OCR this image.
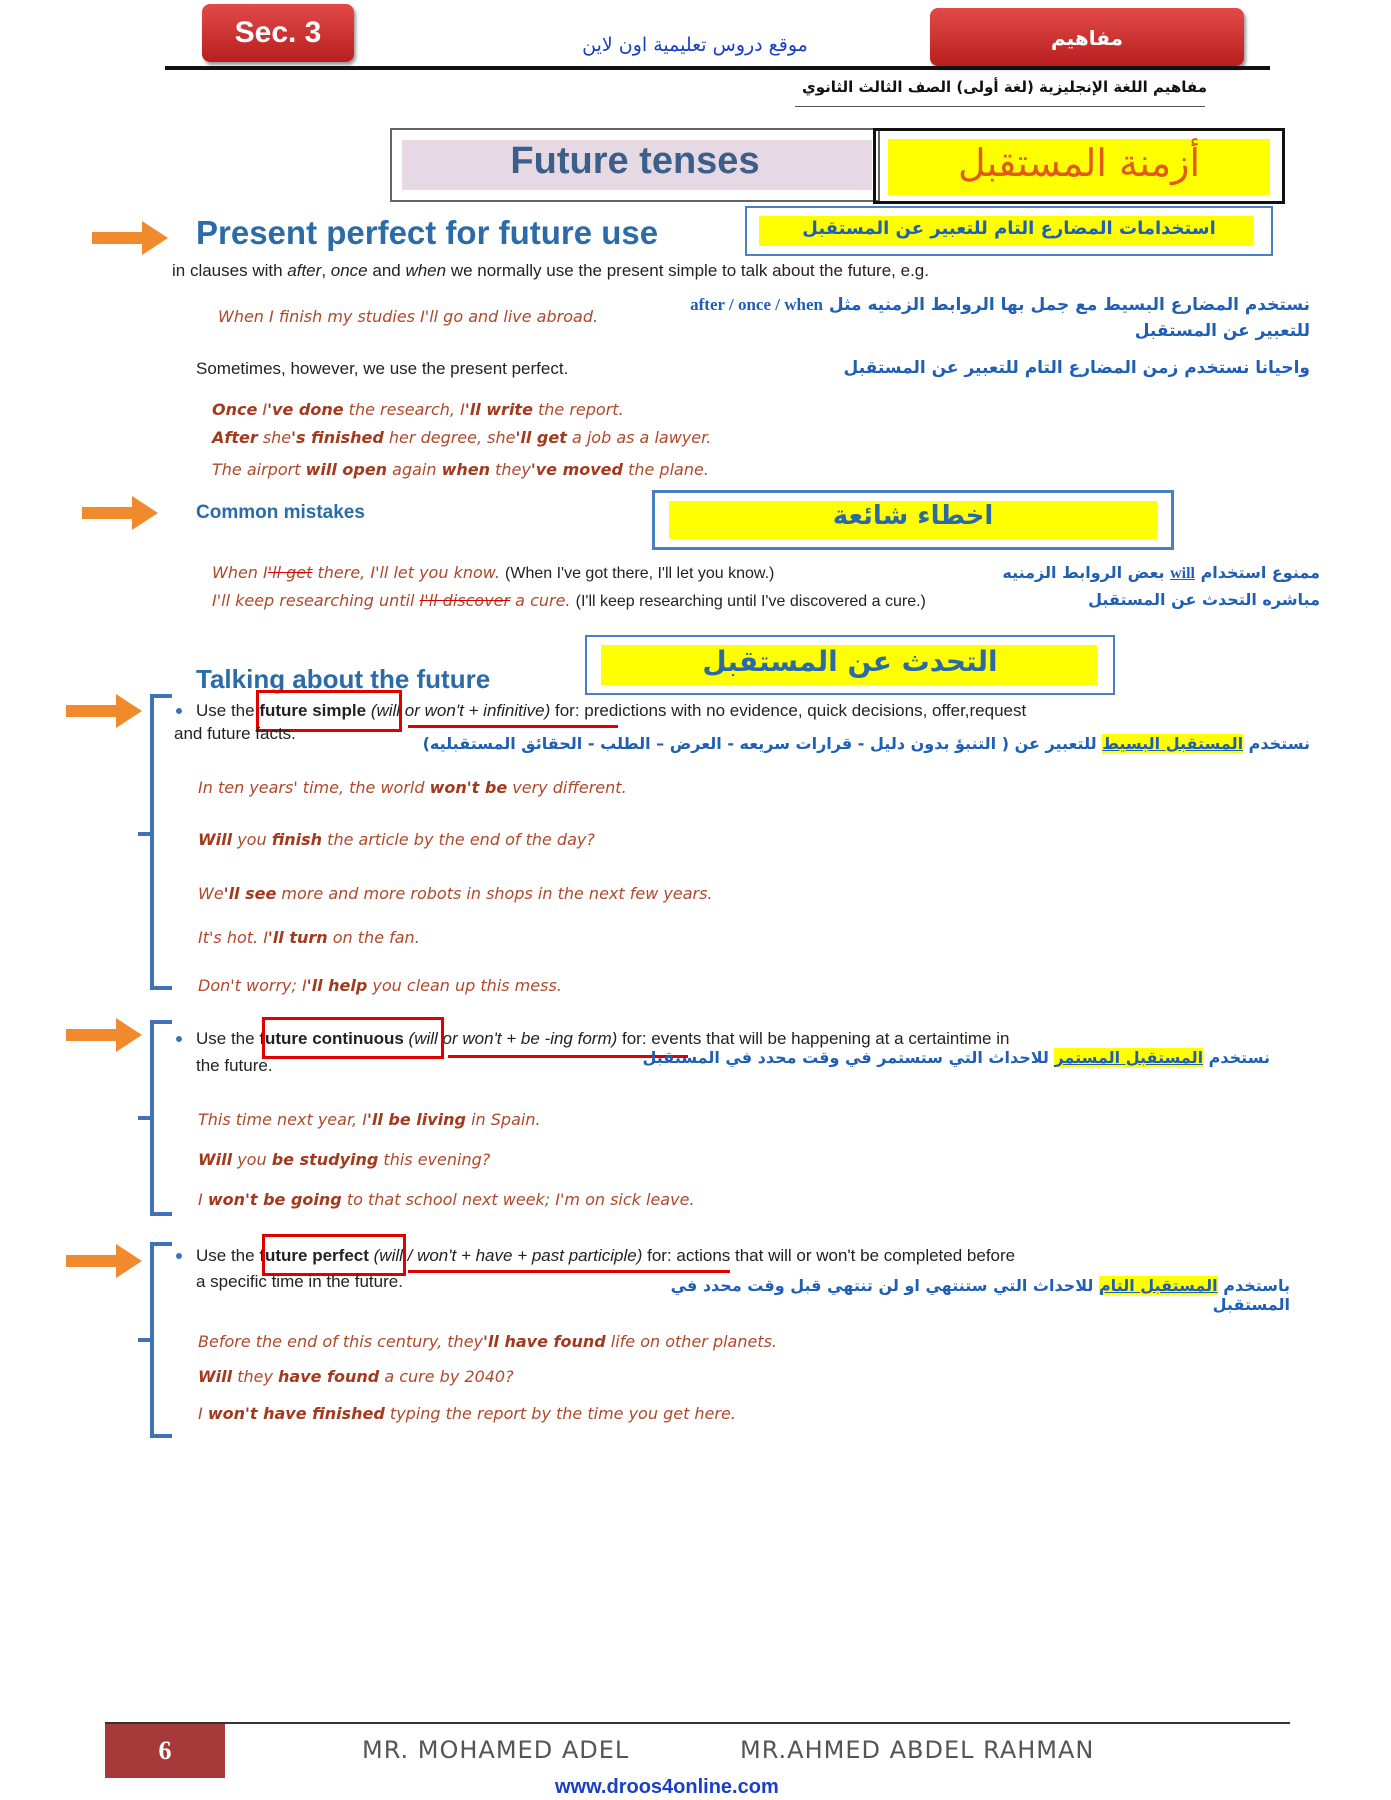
Sec. 3	موقع دروس تعليمية اون لاين	مفاهيم
مفاهيم اللغة الإنجليزية (لغة أولى) الصف الثالث الثانوي
Future tenses	أزمنة المستقبل
Present perfect for future use	استخدامات المضارع التام للتعبير عن المستقبل
in clauses with after, once and when we normally use the present simple to talk about the future, e.g.
نستخدم المضارع البسيط مع جمل بها الروابط الزمنيه مثل after / once / when
للتعبير عن المستقبل
When I finish my studies I'll go and live abroad.
Sometimes, however, we use the present perfect.	واحيانا نستخدم زمن المضارع التام للتعبير عن المستقبل
Once I've done the research, I'll write the report.
After she's finished her degree, she'll get a job as a lawyer.
The airport will open again when they've moved the plane.
Common mistakes	اخطاء شائعة
When I'll get there, I'll let you know. (When I've got there, I'll let you know.)
I'll keep researching until I'll discover a cure. (I'll keep researching until I've discovered a cure.)
ممنوع استخدام will بعض الروابط الزمنيه
مباشره التحدث عن المستقبل
Talking about the future
التحدث عن المستقبل
Use the future simple (will or won't + infinitive) for: predictions with no evidence, quick decisions, offer,request
and future facts.
نستخدم المستقبل البسيط للتعبير عن ( التنبؤ بدون دليل - قرارات سريعه - العرض – الطلب - الحقائق المستقبليه)
In ten years' time, the world won't be very different.
Will you finish the article by the end of the day?
We'll see more and more robots in shops in the next few years.
It's hot. I'll turn on the fan.
Don't worry; I'll help you clean up this mess.
Use the future continuous (will or won't + be -ing form) for: events that will be happening at a certaintime in
the future.	نستخدم المستقبل المستمر للاحداث التي ستستمر في وقت محدد في المستقبل
This time next year, I'll be living in Spain.
Will you be studying this evening?
I won't be going to that school next week; I'm on sick leave.
Use the future perfect (will / won't + have + past participle) for: actions that will or won't be completed before
a specific time in the future.	باستخدم المستقبل التام للاحداث التي ستنتهي او لن تنتهي قبل وقت محدد في المستقبل
Before the end of this century, they'll have found life on other planets.
Will they have found a cure by 2040?
I won't have finished typing the report by the time you get here.
6	MR. MOHAMED ADEL	MR.AHMED ABDEL RAHMAN
www.droos4online.com
